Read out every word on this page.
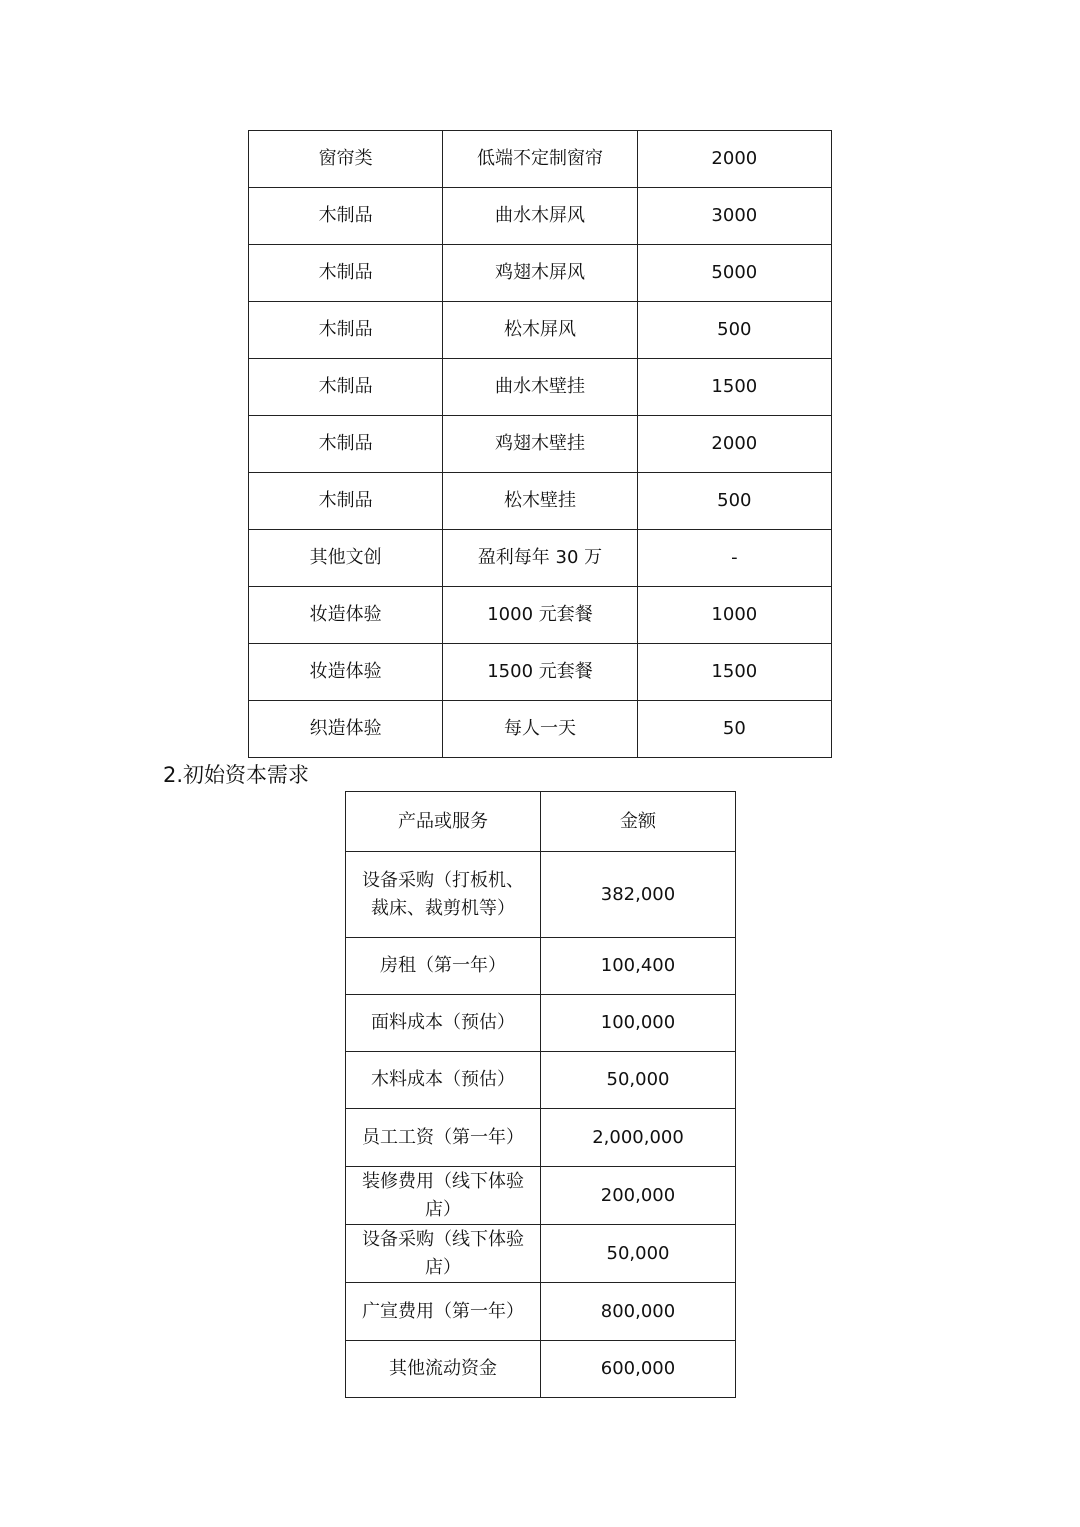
窗帘类	低端不定制窗帘	2000
木制品	曲水木屏风	3000
木制品	鸡翅木屏风	5000
木制品	松木屏风	500
木制品	曲水木壁挂	1500
木制品	鸡翅木壁挂	2000
木制品	松木壁挂	500
其他文创	盈利每年 30 万	-
妆造体验	1000 元套餐	1000
妆造体验	1500 元套餐	1500
织造体验	每人一天	50
2.初始资本需求
产品或服务	金额
设备采购（打板机、裁床、裁剪机等）	382,000
房租（第一年）	100,400
面料成本（预估）	100,000
木料成本（预估）	50,000
员工工资（第一年）	2,000,000
装修费用（线下体验店）	200,000
设备采购（线下体验店）	50,000
广宣费用（第一年）	800,000
其他流动资金	600,000
